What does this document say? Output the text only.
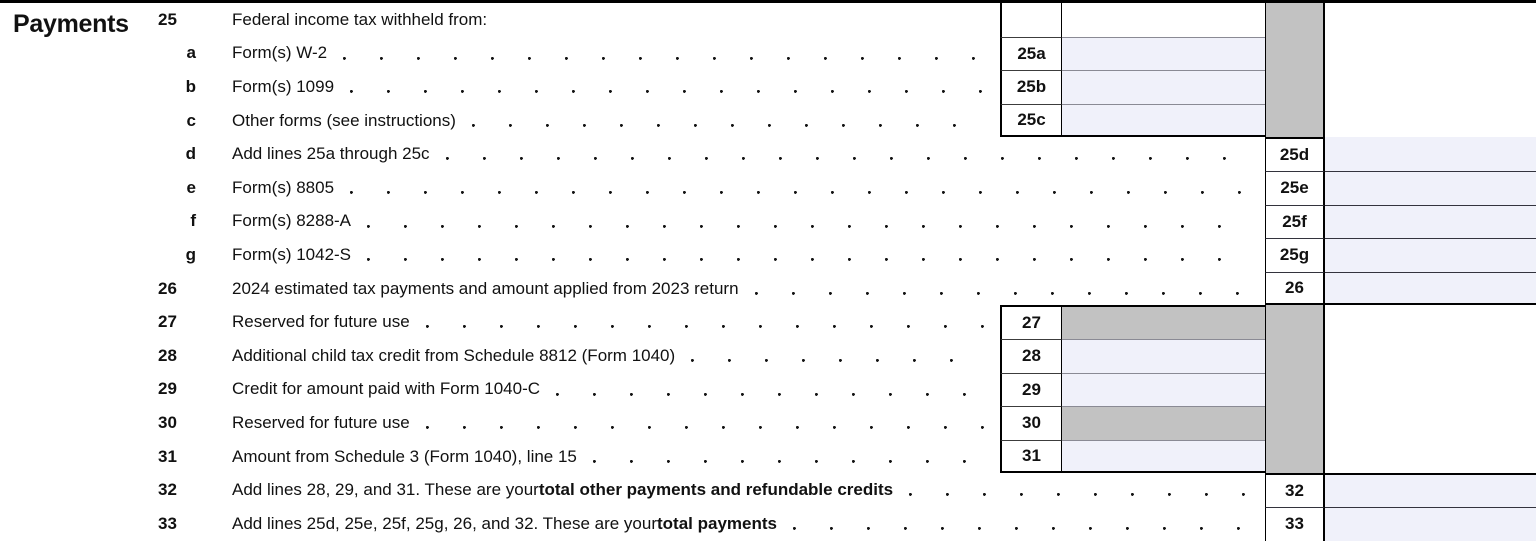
Payments	25	Federal income tax withheld from:
a	Form(s) W-2	25a
b	Form(s) 1099	25b
c	Other forms (see instructions)	25c
d	Add lines 25a through 25c	25d
e	Form(s) 8805	25e
f	Form(s) 8288-A	25f
g	Form(s) 1042-S	25g
26	2024 estimated tax payments and amount applied from 2023 return	26
27	Reserved for future use	27
28	Additional child tax credit from Schedule 8812 (Form 1040)	28
29	Credit for amount paid with Form 1040-C	29
30	Reserved for future use	30
31	Amount from Schedule 3 (Form 1040), line 15	31
32	Add lines 28, 29, and 31. These are your total other payments and refundable credits	32
33	Add lines 25d, 25e, 25f, 25g, 26, and 32. These are your total payments	33
